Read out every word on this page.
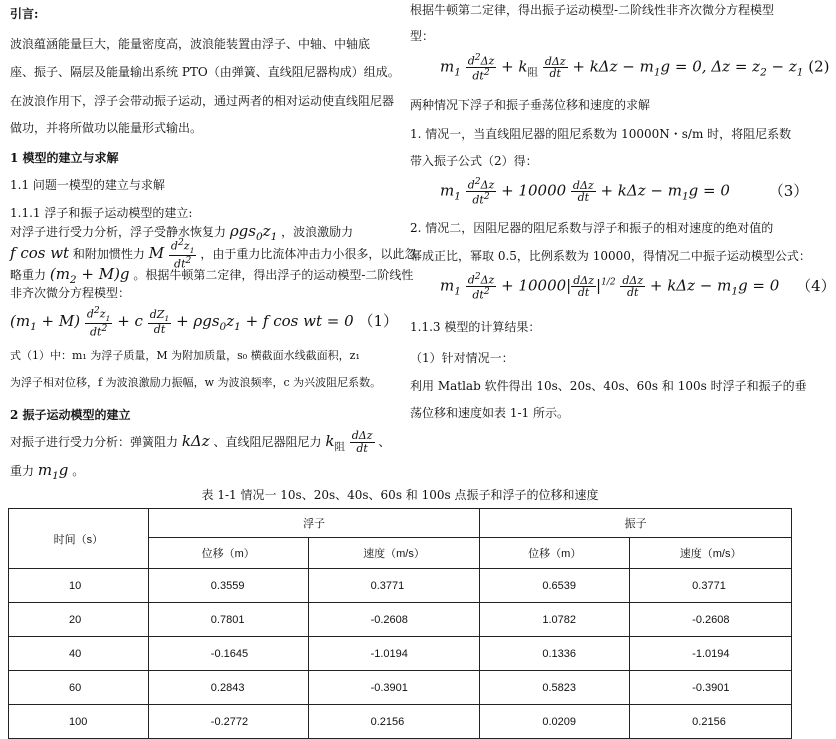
引言:
波浪蕴涵能量巨大，能量密度高，波浪能装置由浮子、中轴、中轴底
座、振子、隔层及能量输出系统 PTO（由弹簧、直线阻尼器构成）组成。
在波浪作用下，浮子会带动振子运动，通过两者的相对运动使直线阻尼器
做功，并将所做功以能量形式输出。
1 模型的建立与求解
1.1 问题一模型的建立与求解
1.1.1 浮子和振子运动模型的建立:
对浮子进行受力分析，浮子受静水恢复力 $\rho gs_0z_1$ ，波浪激励力
f cos wt 和附加惯性力 M $\frac{d^2z_1}{dt^2}$ ，由于重力比流体冲击力小很多，以此忽
略重力 $(m_2 + M)g$ 。根据牛顿第二定律，得出浮子的运动模型-二阶线性
非齐次微分方程模型：
$(m_1 + M) \frac{d^2z_1}{dt^2} + c \frac{dZ_1}{dt} + \rho gs_0z_1 + f$ cos wt = 0 （1）
式（1）中：m₁ 为浮子质量，M 为附加质量，s₀ 横截面水线截面积，z₁
为浮子相对位移，f 为波浪激励力振幅，w 为波浪频率，c 为兴波阻尼系数。
2 振子运动模型的建立
对振子进行受力分析：弹簧阻力 kΔz 、直线阻尼器阻尼力 $k_阻 \frac{\text{dΔz}}{dt}$ 、
重力 $m_1g$ 。
根据牛顿第二定律，得出振子运动模型-二阶线性非齐次微分方程模型
型：
$m_1 \frac{d^2\Delta z}{dt^2} + k_阻 \frac{\text{dΔz}}{dt} + k\Delta z - m_1g = 0$, $\Delta z = z_2 - z_1$ (2)
两种情况下浮子和振子垂荡位移和速度的求解
1. 情况一，当直线阻尼器的阻尼系数为 10000N・s/m 时，将阻尼系数
带入振子公式（2）得：
$m_1 \frac{d^2\Delta z}{dt^2} + 10000 \frac{\text{dΔz}}{dt} + k\Delta z - m_1g = 0$ （3）
2. 情况二，因阻尼器的阻尼系数与浮子和振子的相对速度的绝对值的
幂成正比，幂取 0.5，比例系数为 10000，得情况二中振子运动模型公式：
$m_1 \frac{d^2\Delta z}{dt^2} + 10000| \frac{\text{dΔz}}{dt} |^{1/2} \frac{\text{dΔz}}{dt} + k\Delta z - m_1g = 0$ （4）
1.1.3 模型的计算结果：
（1）针对情况一：
利用 Matlab 软件得出 10s、20s、40s、60s 和 100s 时浮子和振子的垂
荡位移和速度如表 1-1 所示。
表 1-1 情况一 10s、20s、40s、60s 和 100s 点振子和浮子的位移和速度
时间（s）	浮子		振子	
	位移（m）	速度（m/s）	位移（m）	速度（m/s）
10	0.3559	0.3771	0.6539	0.3771
20	0.7801	-0.2608	1.0782	-0.2608
40	-0.1645	-1.0194	0.1336	-1.0194
60	0.2843	-0.3901	0.5823	-0.3901
100	-0.2772	0.2156	0.0209	0.2156
